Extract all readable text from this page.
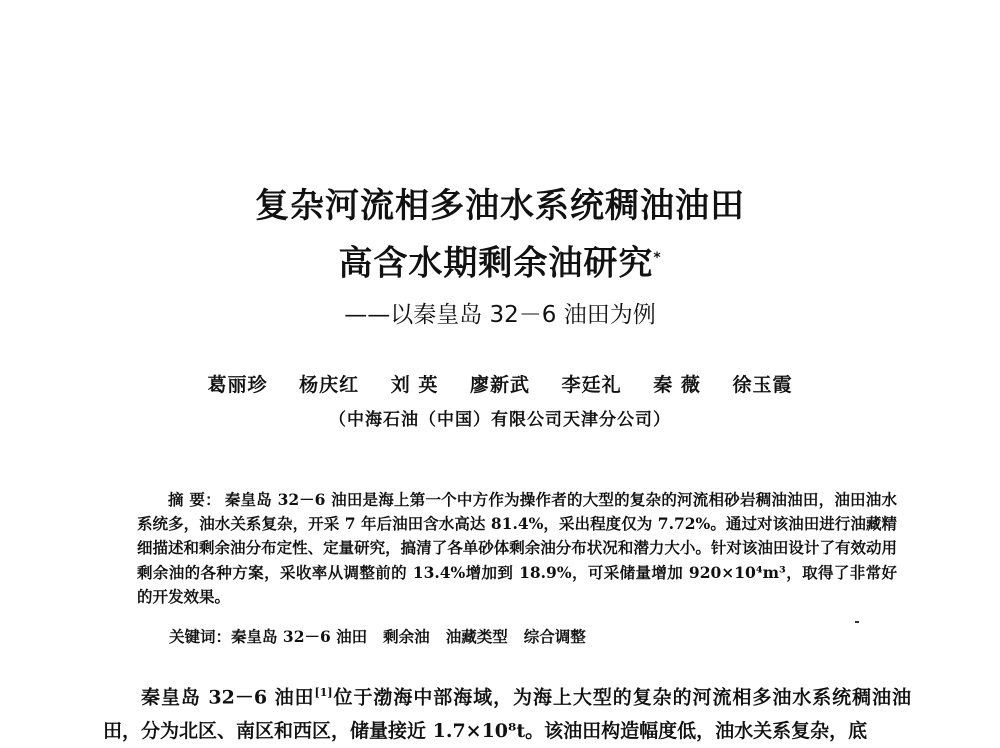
复杂河流相多油水系统稠油油田
高含水期剩余油研究*
——以秦皇岛 32－6 油田为例
葛丽珍 杨庆红 刘 英 廖新武 李廷礼 秦 薇 徐玉霞
（中海石油（中国）有限公司天津分公司）
摘 要： 秦皇岛 32－6 油田是海上第一个中方作为操作者的大型的复杂的河流相砂岩稠油油田，油田油水系统多，油水关系复杂，开采 7 年后油田含水高达 81.4%，采出程度仅为 7.72%。通过对该油田进行油藏精细描述和剩余油分布定性、定量研究，搞清了各单砂体剩余油分布状况和潜力大小。针对该油田设计了有效动用剩余油的各种方案，采收率从调整前的 13.4%增加到 18.9%，可采储量增加 920×10⁴m³，取得了非常好的开发效果。
关键词：秦皇岛 32－6 油田 剩余油 油藏类型 综合调整
秦皇岛 32－6 油田[1]位于渤海中部海域，为海上大型的复杂的河流相多油水系统稠油油田，分为北区、南区和西区，储量接近 1.7×10⁸t。该油田构造幅度低，油水关系复杂，底
